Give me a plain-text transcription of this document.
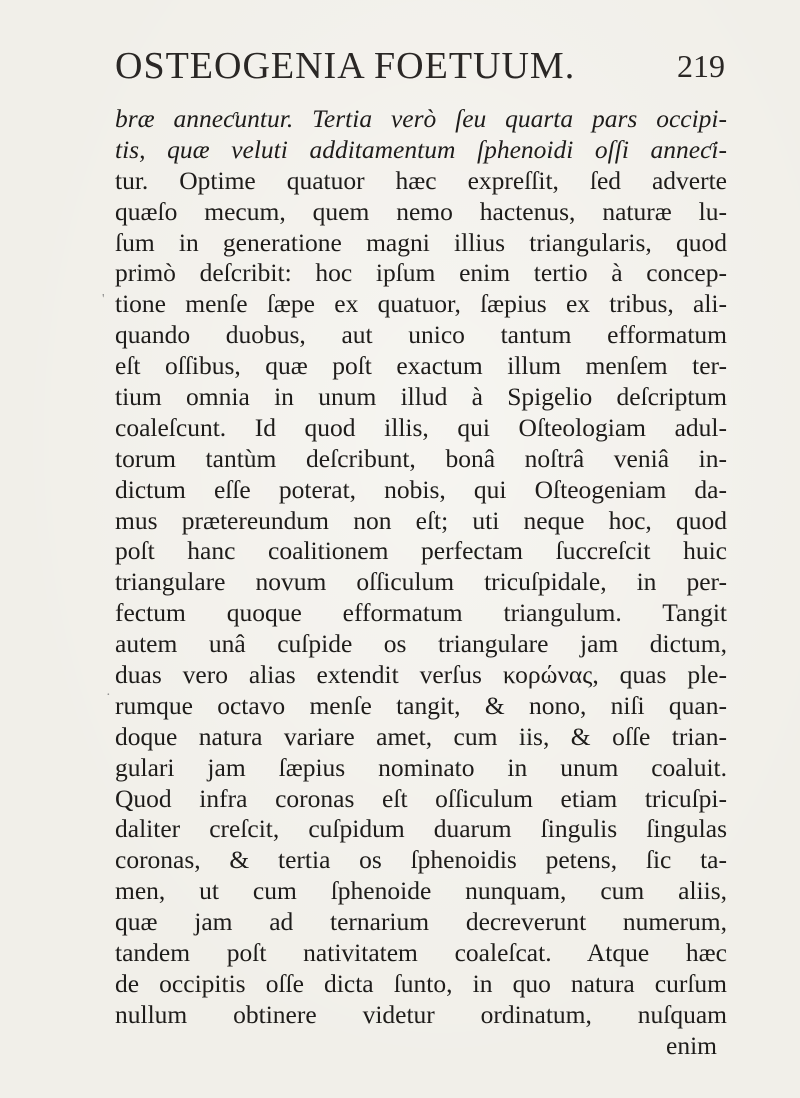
OSTEOGENIA FOETUUM.	219
'
·
bræ anneƈuntur. Tertia verò ſeu quarta pars occipi-
tis, quæ veluti additamentum ſphenoidi oſſi anneƈi-
tur. Optime quatuor hæc expreſſit, ſed adverte
quæſo mecum, quem nemo hactenus, naturæ lu-
ſum in generatione magni illius triangularis, quod
primò deſcribit: hoc ipſum enim tertio à concep-
tione menſe ſæpe ex quatuor, ſæpius ex tribus, ali-
quando duobus, aut unico tantum efformatum
eſt oſſibus, quæ poſt exactum illum menſem ter-
tium omnia in unum illud à Spigelio deſcriptum
coaleſcunt. Id quod illis, qui Oſteologiam adul-
torum tantùm deſcribunt, bonâ noſtrâ veniâ in-
dictum eſſe poterat, nobis, qui Oſteogeniam da-
mus prætereundum non eſt; uti neque hoc, quod
poſt hanc coalitionem perfectam ſuccreſcit huic
triangulare novum oſſiculum tricuſpidale, in per-
fectum quoque efformatum triangulum. Tangit
autem unâ cuſpide os triangulare jam dictum,
duas vero alias extendit verſus κορώνας, quas ple-
rumque octavo menſe tangit, & nono, niſi quan-
doque natura variare amet, cum iis, & oſſe trian-
gulari jam ſæpius nominato in unum coaluit.
Quod infra coronas eſt oſſiculum etiam tricuſpi-
daliter creſcit, cuſpidum duarum ſingulis ſingulas
coronas, & tertia os ſphenoidis petens, ſic ta-
men, ut cum ſphenoide nunquam, cum aliis,
quæ jam ad ternarium decreverunt numerum,
tandem poſt nativitatem coaleſcat. Atque hæc
de occipitis oſſe dicta ſunto, in quo natura curſum
nullum obtinere videtur ordinatum, nuſquam
enim
